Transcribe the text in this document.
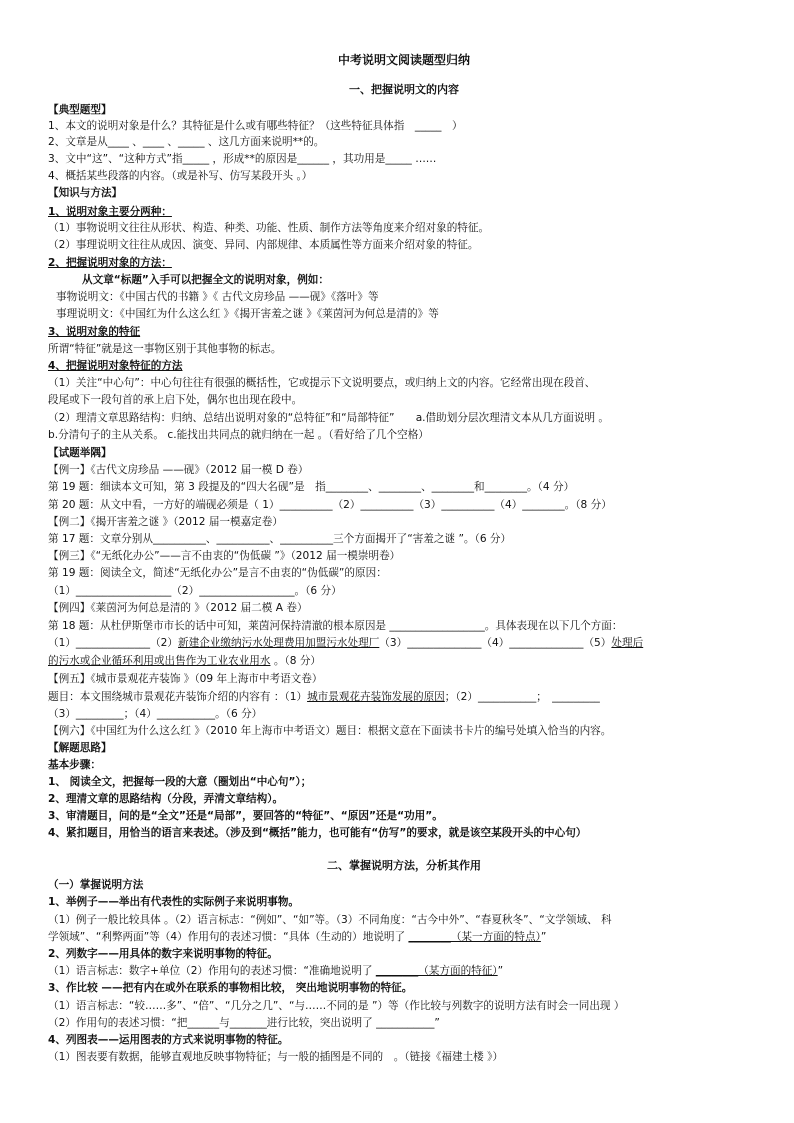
中考说明文阅读题型归纳
一、把握说明文的内容
【典型题型】
1、本文的说明对象是什么？其特征是什么或有哪些特征？（这些特征具体指　_____　）
2、文章是从____ 、____ 、_____ 、这几方面来说明**的。
3、文中“这”、“这种方式”指_____ ，形成**的原因是______ ，其功用是_____ ……
4、概括某些段落的内容。（或是补写、仿写某段开头 。）
【知识与方法】
1、说明对象主要分两种：
（1）事物说明文往往从形状、构造、种类、功能、性质、制作方法等角度来介绍对象的特征。
（2）事理说明文往往从成因、演变、异同、内部规律、本质属性等方面来介绍对象的特征。
2、把握说明对象的方法：
从文章“标题”入手可以把握全文的说明对象，例如：
事物说明文：《中国古代的书籍 》《 古代文房珍品 ——砚》《落叶》等
事理说明文：《中国红为什么这么红 》《揭开害羞之谜 》《莱茵河为何总是清的》等
3、说明对象的特征
所谓“特征”就是这一事物区别于其他事物的标志。
4、把握说明对象特征的方法
（1）关注“中心句”：中心句往往有很强的概括性，它或提示下文说明要点，或归纳上文的内容。它经常出现在段首、
段尾或下一段句首的承上启下处，偶尔也出现在段中。
（2）理清文章思路结构：归纳、总结出说明对象的“总特征”和“局部特征”　　a.借助划分层次理清文本从几方面说明 。
b.分清句子的主从关系。 c.能找出共同点的就归纳在一起 。（看好给了几个空格）
【试题举隅】
【例一】《古代文房珍品 ——砚》（2012 届一模 D 卷）
第 19 题：细读本文可知，第 3 段提及的“四大名砚”是　指________、________、________和________。（4 分）
第 20 题：从文中看，一方好的端砚必须是（ 1）__________（2）__________（3）__________（4）________。（8 分）
【例二】《揭开害羞之谜 》（2012 届一模嘉定卷）
第 17 题：文章分别从__________、__________、__________三个方面揭开了“害羞之谜 ”。（6 分）
【例三】《“无纸化办公”——言不由衷的“伪低碳 ”》（2012 届一模崇明卷）
第 19 题：阅读全文，简述“无纸化办公”是言不由衷的“伪低碳”的原因：
（1）__________________（2）__________________。（6 分）
【例四】《莱茵河为何总是清的 》（2012 届二模 A 卷）
第 18 题：从杜伊斯堡市市长的话中可知，莱茵河保持清澈的根本原因是 __________________。具体表现在以下几个方面：
（1）______________（2）新建企业缴纳污水处理费用加盟污水处理厂（3）______________（4）______________（5）处理后
的污水或企业循环利用或出售作为工业农业用水 。（8 分）
【例五】《城市景观花卉装饰 》（09 年上海市中考语文卷）
题目：本文围绕城市景观花卉装饰介绍的内容有 ：（1）城市景观花卉装饰发展的原因；（2）___________；　_________
（3）_________；（4）___________。（6 分）
【例六】《中国红为什么这么红 》（2010 年上海市中考语文）题目：根据文意在下面读书卡片的编号处填入恰当的内容。
【解题思路】
基本步骤：
1、 阅读全文，把握每一段的大意（圈划出“中心句”）；
2、理清文章的思路结构（分段，弄清文章结构）。
3、审清题目，问的是“全文”还是“局部”，要回答的“特征”、“原因”还是“功用”。
4、紧扣题目，用恰当的语言来表述。（涉及到“概括”能力，也可能有“仿写”的要求，就是该空某段开头的中心句）
二、掌握说明方法，分析其作用
（一）掌握说明方法
1、举例子——举出有代表性的实际例子来说明事物。
（1）例子一般比较具体 。（2）语言标志：“例如”、“如”等。（3）不同角度：“古今中外”、“春夏秋冬”、“文学领域、 科
学领域”、“利弊两面”等（4）作用句的表述习惯：“具体（生动的）地说明了 ________（某一方面的特点）”
2、列数字——用具体的数字来说明事物的特征。
（1）语言标志：数字+单位（2）作用句的表述习惯：“准确地说明了 ________（某方面的特征）”
3、作比较 ——把有内在或外在联系的事物相比较， 突出地说明事物的特征。
（1）语言标志：“较……多”、“倍”、“几分之几”、“与……不同的是 ”）等（作比较与列数字的说明方法有时会一同出现 ）
（2）作用句的表述习惯：“把______与_______进行比较，突出说明了 ___________”
4、列图表——运用图表的方式来说明事物的特征。
（1）图表要有数据，能够直观地反映事物特征；与一般的插图是不同的　。（链接《福建土楼 》）
